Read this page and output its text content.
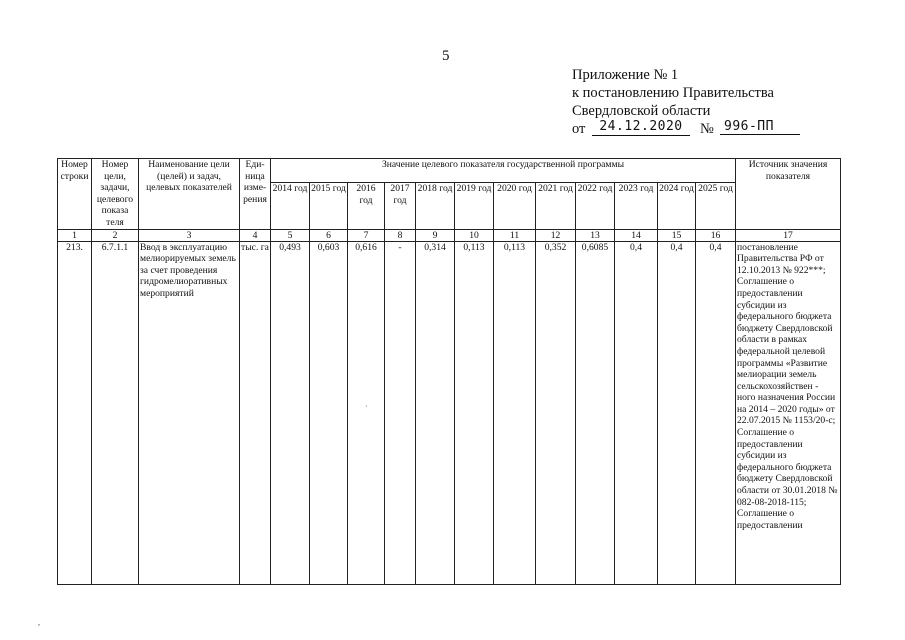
5
Приложение № 1
к постановлению Правительства
Свердловской области
от	24.12.2020	№ 996-ПП
Номер строки	Номер цели, задачи, целевого показа теля	Наименование цели (целей) и задач, целевых показателей	Еди- ница изме- рения	Значение целевого показателя государственной программы												Источник значения показателя
				2014 год	2015 год	2016 год	2017 год	2018 год	2019 год	2020 год	2021 год	2022 год	2023 год	2024 год	2025 год	
1	2	3	4	5	6	7	8	9	10	11	12	13	14	15	16	17
213.	6.7.1.1	Ввод в эксплуатацию мелиорируемых земель за счет проведения гидромелиоративных мероприятий	тыс. га	0,493	0,603	0,616	-	0,314	0,113	0,113	0,352	0,6085	0,4	0,4	0,4	постановление Правительства РФ от 12.10.2013 № 922***; Соглашение о предоставлении субсидии из федерального бюджета бюджету Свердловской области в рамках федеральной целевой программы «Развитие мелиорации земель сельскохозяйствен - ного назначения России на 2014 – 2020 годы» от 22.07.2015 № 1153/20-с; Соглашение о предоставлении субсидии из федерального бюджета бюджету Свердловской области от 30.01.2018 № 082-08-2018-115; Соглашение о предоставлении
·
,
